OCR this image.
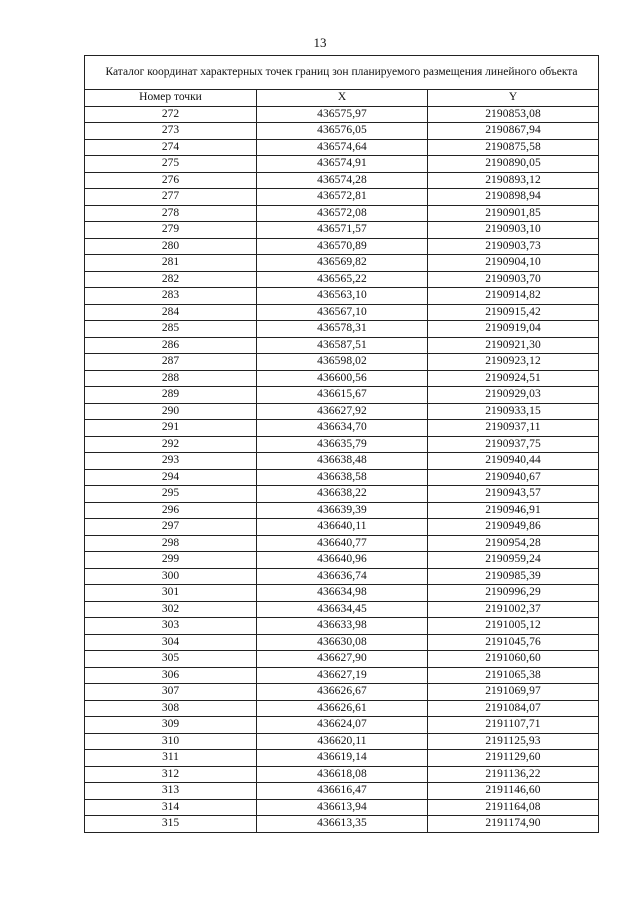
13
Каталог координат характерных точек границ зон планируемого размещения линейного объекта		
Номер точки	X	Y
272	436575,97	2190853,08
273	436576,05	2190867,94
274	436574,64	2190875,58
275	436574,91	2190890,05
276	436574,28	2190893,12
277	436572,81	2190898,94
278	436572,08	2190901,85
279	436571,57	2190903,10
280	436570,89	2190903,73
281	436569,82	2190904,10
282	436565,22	2190903,70
283	436563,10	2190914,82
284	436567,10	2190915,42
285	436578,31	2190919,04
286	436587,51	2190921,30
287	436598,02	2190923,12
288	436600,56	2190924,51
289	436615,67	2190929,03
290	436627,92	2190933,15
291	436634,70	2190937,11
292	436635,79	2190937,75
293	436638,48	2190940,44
294	436638,58	2190940,67
295	436638,22	2190943,57
296	436639,39	2190946,91
297	436640,11	2190949,86
298	436640,77	2190954,28
299	436640,96	2190959,24
300	436636,74	2190985,39
301	436634,98	2190996,29
302	436634,45	2191002,37
303	436633,98	2191005,12
304	436630,08	2191045,76
305	436627,90	2191060,60
306	436627,19	2191065,38
307	436626,67	2191069,97
308	436626,61	2191084,07
309	436624,07	2191107,71
310	436620,11	2191125,93
311	436619,14	2191129,60
312	436618,08	2191136,22
313	436616,47	2191146,60
314	436613,94	2191164,08
315	436613,35	2191174,90
